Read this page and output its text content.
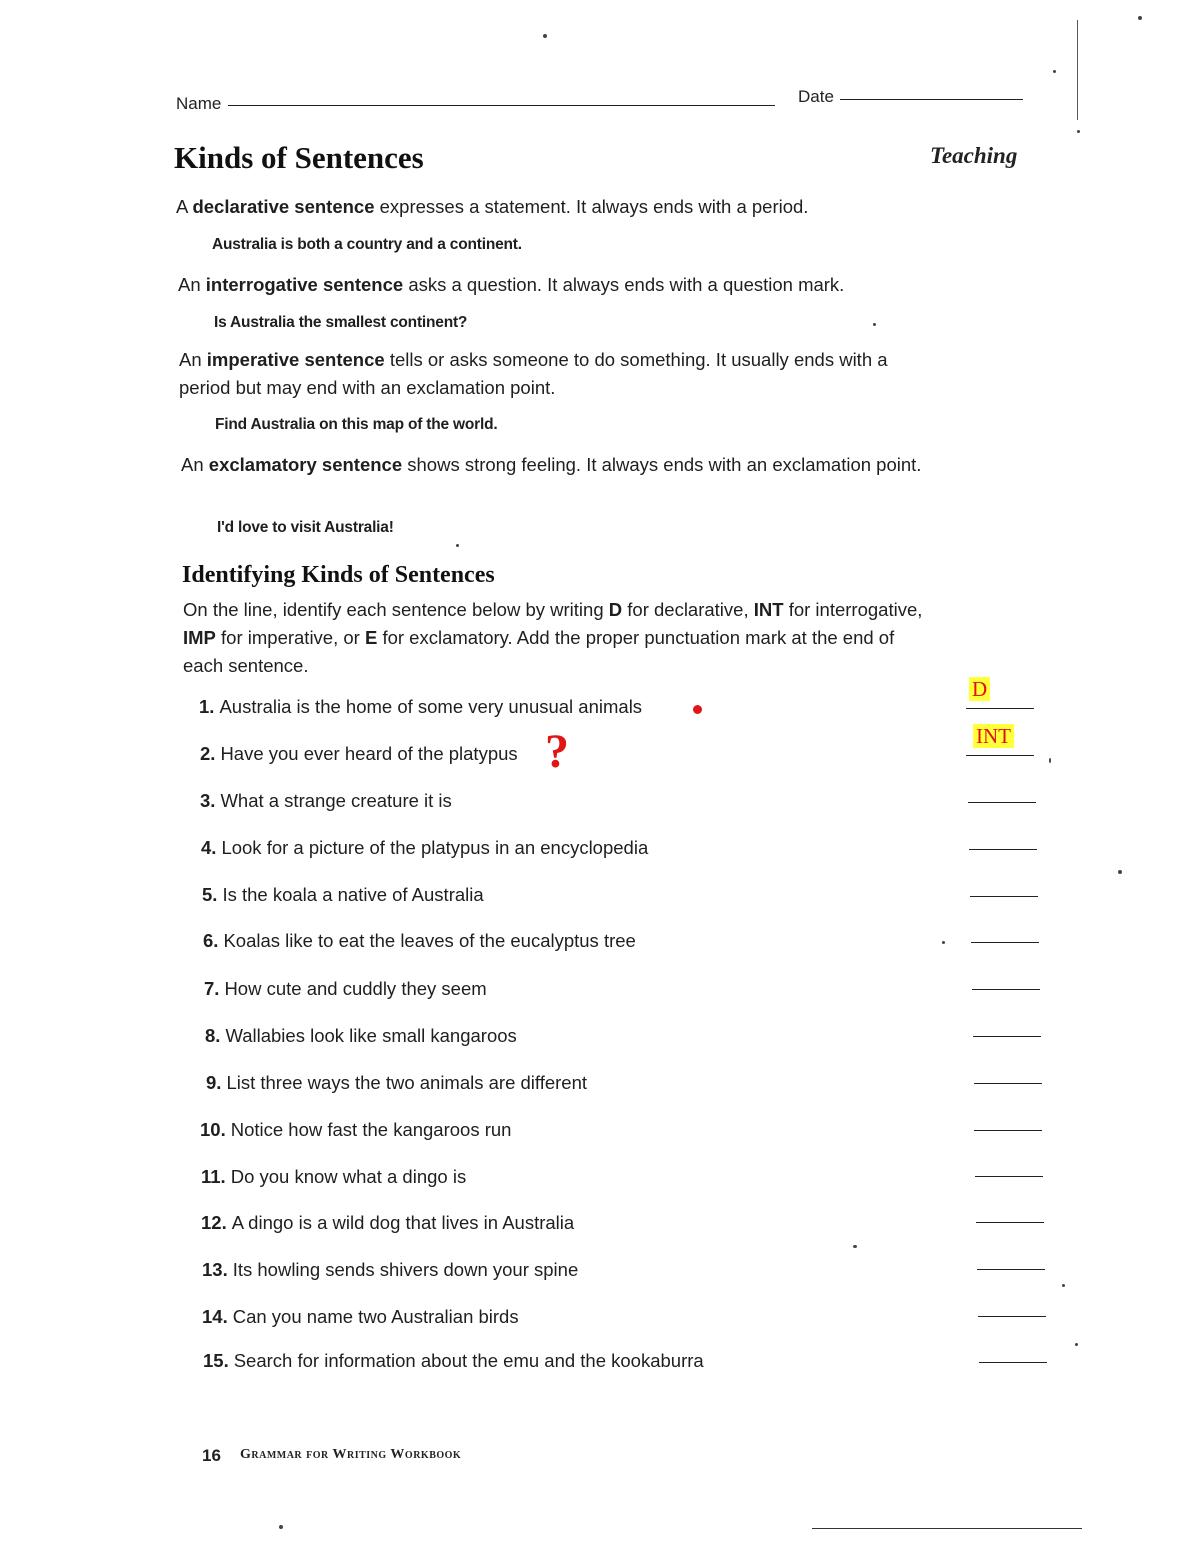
Name	Date
Kinds of Sentences	Teaching
A declarative sentence expresses a statement. It always ends with a period.
Australia is both a country and a continent.
An interrogative sentence asks a question. It always ends with a question mark.
Is Australia the smallest continent?
An imperative sentence tells or asks someone to do something. It usually ends with a period but may end with an exclamation point.
Find Australia on this map of the world.
An exclamatory sentence shows strong feeling. It always ends with an exclamation point.
I'd love to visit Australia!
Identifying Kinds of Sentences
On the line, identify each sentence below by writing D for declarative, INT for interrogative, IMP for imperative, or E for exclamatory. Add the proper punctuation mark at the end of each sentence.
1. Australia is the home of some very unusual animals
2. Have you ever heard of the platypus
3. What a strange creature it is
4. Look for a picture of the platypus in an encyclopedia
5. Is the koala a native of Australia
6. Koalas like to eat the leaves of the eucalyptus tree
7. How cute and cuddly they seem
8. Wallabies look like small kangaroos
9. List three ways the two animals are different
10. Notice how fast the kangaroos run
11. Do you know what a dingo is
12. A dingo is a wild dog that lives in Australia
13. Its howling sends shivers down your spine
14. Can you name two Australian birds
15. Search for information about the emu and the kookaburra
?
D
INT
16 Grammar for Writing Workbook
